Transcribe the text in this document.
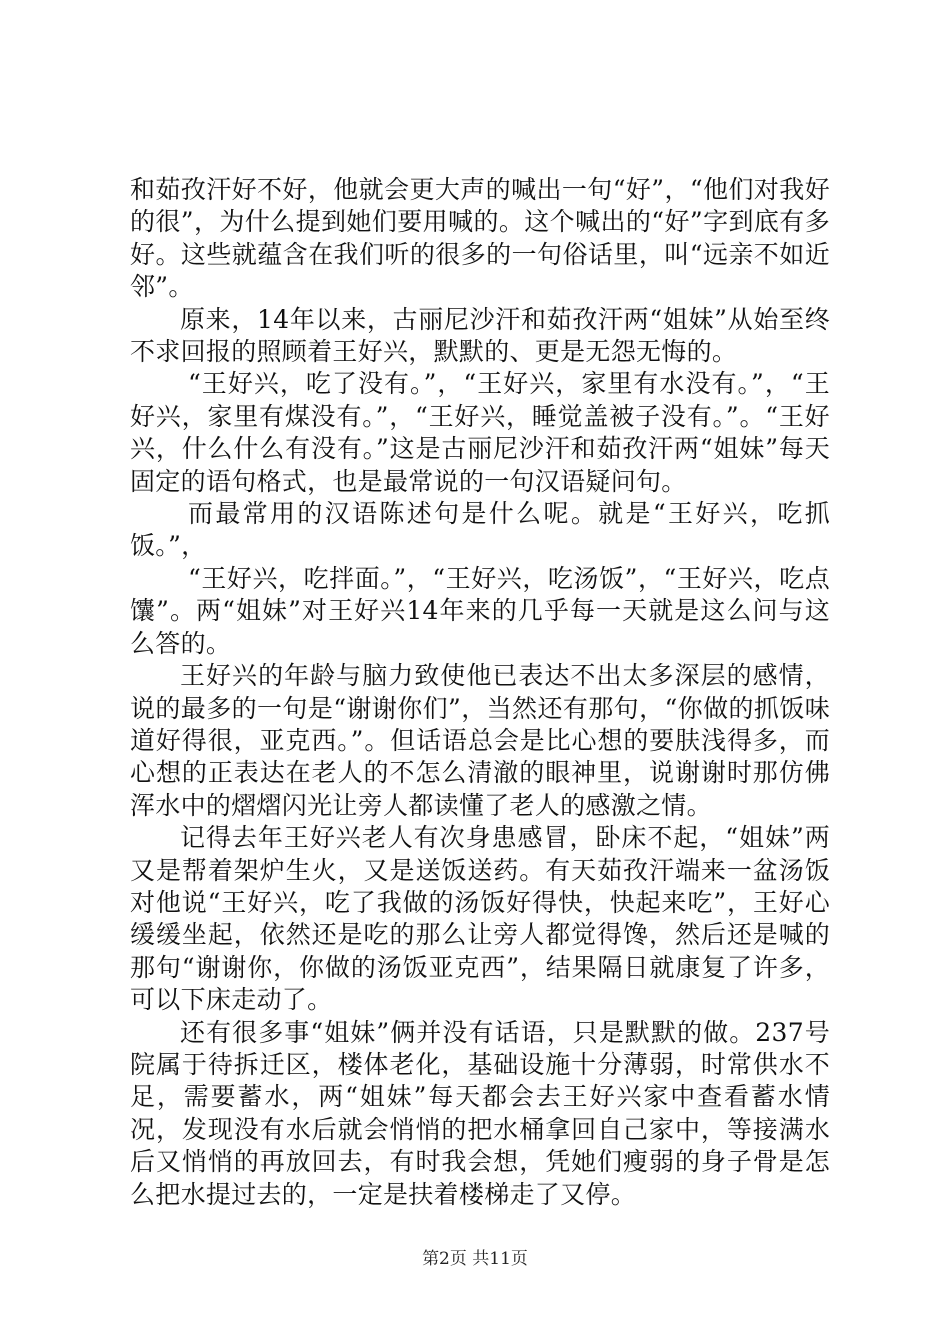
和茹孜汗好不好，他就会更大声的喊出一句“好”，“他们对我好的很”，为什么提到她们要用喊的。这个喊出的“好”字到底有多好。这些就蕴含在我们听的很多的一句俗话里，叫“远亲不如近邻”。

原来，14年以来，古丽尼沙汗和茹孜汗两“姐妹”从始至终不求回报的照顾着王好兴，默默的、更是无怨无悔的。

“王好兴，吃了没有。”，“王好兴，家里有水没有。”，“王好兴，家里有煤没有。”，“王好兴，睡觉盖被子没有。”。“王好兴，什么什么有没有。”这是古丽尼沙汗和茹孜汗两“姐妹”每天固定的语句格式，也是最常说的一句汉语疑问句。

而最常用的汉语陈述句是什么呢。就是“王好兴，吃抓饭。”，

“王好兴，吃拌面。”，“王好兴，吃汤饭”，“王好兴，吃点馕”。两“姐妹”对王好兴14年来的几乎每一天就是这么问与这么答的。

王好兴的年龄与脑力致使他已表达不出太多深层的感情，说的最多的一句是“谢谢你们”，当然还有那句，“你做的抓饭味道好得很，亚克西。”。但话语总会是比心想的要肤浅得多，而心想的正表达在老人的不怎么清澈的眼神里，说谢谢时那仿佛浑水中的熠熠闪光让旁人都读懂了老人的感激之情。

记得去年王好兴老人有次身患感冒，卧床不起，“姐妹”两又是帮着架炉生火，又是送饭送药。有天茹孜汗端来一盆汤饭对他说“王好兴，吃了我做的汤饭好得快，快起来吃”，王好心缓缓坐起，依然还是吃的那么让旁人都觉得馋，然后还是喊的那句“谢谢你，你做的汤饭亚克西”，结果隔日就康复了许多，可以下床走动了。

还有很多事“姐妹”俩并没有话语，只是默默的做。237号院属于待拆迁区，楼体老化，基础设施十分薄弱，时常供水不足，需要蓄水，两“姐妹”每天都会去王好兴家中查看蓄水情况，发现没有水后就会悄悄的把水桶拿回自己家中，等接满水后又悄悄的再放回去，有时我会想，凭她们瘦弱的身子骨是怎么把水提过去的，一定是扶着楼梯走了又停。

第2页 共11页
